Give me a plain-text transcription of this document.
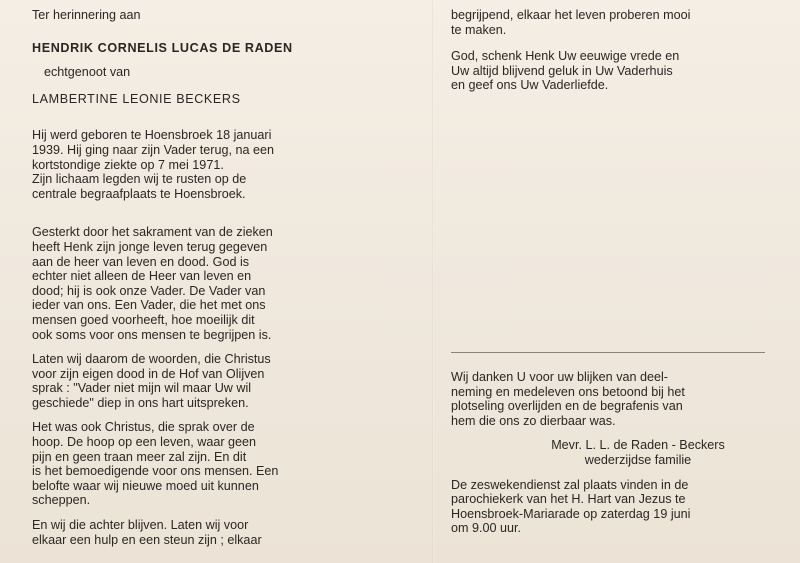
Ter herinnering aan

HENDRIK CORNELIS LUCAS DE RADEN

echtgenoot van

LAMBERTINE LEONIE BECKERS

Hij werd geboren te Hoensbroek 18 januari

1939. Hij ging naar zijn Vader terug, na een

kortstondige ziekte op 7 mei 1971.

Zijn lichaam legden wij te rusten op de

centrale begraafplaats te Hoensbroek.

Gesterkt door het sakrament van de zieken

heeft Henk zijn jonge leven terug gegeven

aan de heer van leven en dood. God is

echter niet alleen de Heer van leven en

dood; hij is ook onze Vader. De Vader van

ieder van ons. Een Vader, die het met ons

mensen goed voorheeft, hoe moeilijk dit

ook soms voor ons mensen te begrijpen is.

Laten wij daarom de woorden, die Christus

voor zijn eigen dood in de Hof van Olijven

sprak : "Vader niet mijn wil maar Uw wil

geschiede" diep in ons hart uitspreken.

Het was ook Christus, die sprak over de

hoop. De hoop op een leven, waar geen

pijn en geen traan meer zal zijn. En dit

is het bemoedigende voor ons mensen. Een

belofte waar wij nieuwe moed uit kunnen

scheppen.

En wij die achter blijven. Laten wij voor

elkaar een hulp en een steun zijn ; elkaar

begrijpend, elkaar het leven proberen mooi

te maken.

God, schenk Henk Uw eeuwige vrede en

Uw altijd blijvend geluk in Uw Vaderhuis

en geef ons Uw Vaderliefde.

Wij danken U voor uw blijken van deel-

neming en medeleven ons betoond bij het

plotseling overlijden en de begrafenis van

hem die ons zo dierbaar was.

Mevr. L. L. de Raden - Beckers

wederzijdse familie

De zeswekendienst zal plaats vinden in de

parochiekerk van het H. Hart van Jezus te

Hoensbroek-Mariarade op zaterdag 19 juni

om 9.00 uur.
